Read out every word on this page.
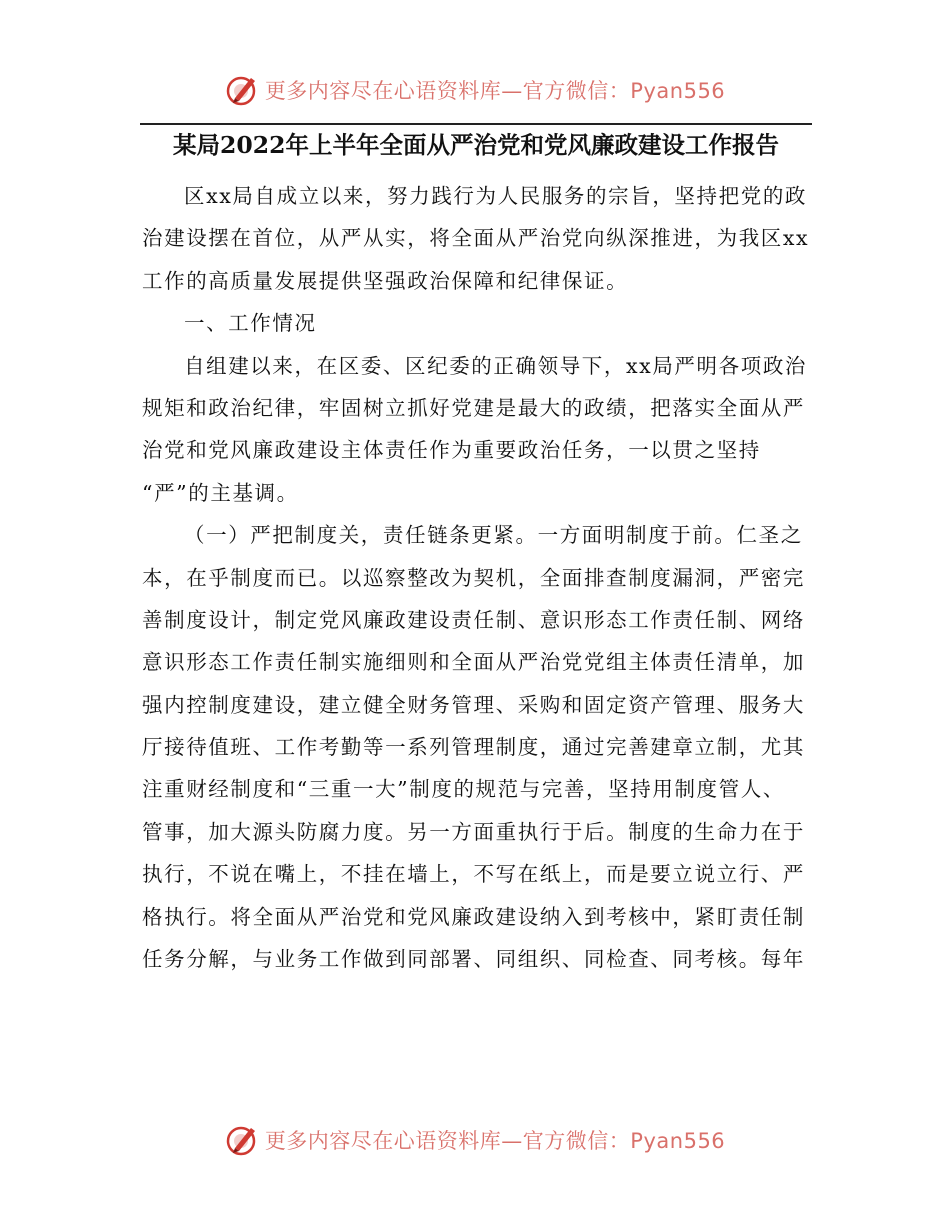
更多内容尽在心语资料库—官方微信：Pyan556
某局2022年上半年全面从严治党和党风廉政建设工作报告
区xx局自成立以来，努力践行为人民服务的宗旨，坚持把党的政
治建设摆在首位，从严从实，将全面从严治党向纵深推进，为我区xx
工作的高质量发展提供坚强政治保障和纪律保证。
一、工作情况
自组建以来，在区委、区纪委的正确领导下，xx局严明各项政治
规矩和政治纪律，牢固树立抓好党建是最大的政绩，把落实全面从严
治党和党风廉政建设主体责任作为重要政治任务，一以贯之坚持
“严”的主基调。
（一）严把制度关，责任链条更紧。一方面明制度于前。仁圣之
本，在乎制度而已。以巡察整改为契机，全面排查制度漏洞，严密完
善制度设计，制定党风廉政建设责任制、意识形态工作责任制、网络
意识形态工作责任制实施细则和全面从严治党党组主体责任清单，加
强内控制度建设，建立健全财务管理、采购和固定资产管理、服务大
厅接待值班、工作考勤等一系列管理制度，通过完善建章立制，尤其
注重财经制度和“三重一大”制度的规范与完善，坚持用制度管人、
管事，加大源头防腐力度。另一方面重执行于后。制度的生命力在于
执行，不说在嘴上，不挂在墙上，不写在纸上，而是要立说立行、严
格执行。将全面从严治党和党风廉政建设纳入到考核中，紧盯责任制
任务分解，与业务工作做到同部署、同组织、同检查、同考核。每年
更多内容尽在心语资料库—官方微信：Pyan556
